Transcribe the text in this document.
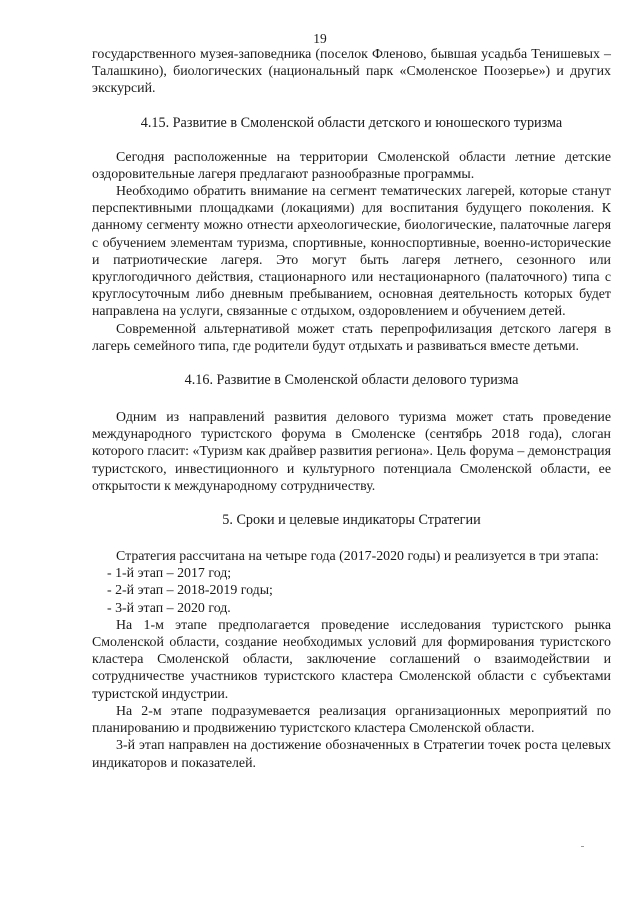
19

государственного музея-заповедника (поселок Фленово, бывшая усадьба Тенишевых – Талашкино), биологических (национальный парк «Смоленское Поозерье») и других экскурсий.

4.15. Развитие в Смоленской области детского и юношеского туризма

Сегодня расположенные на территории Смоленской области летние детские оздоровительные лагеря предлагают разнообразные программы.

Необходимо обратить внимание на сегмент тематических лагерей, которые станут перспективными площадками (локациями) для воспитания будущего поколения. К данному сегменту можно отнести археологические, биологические, палаточные лагеря с обучением элементам туризма, спортивные, конноспортивные, военно-исторические и патриотические лагеря. Это могут быть лагеря летнего, сезонного или круглогодичного действия, стационарного или нестационарного (палаточного) типа с круглосуточным либо дневным пребыванием, основная деятельность которых будет направлена на услуги, связанные с отдыхом, оздоровлением и обучением детей.

Современной альтернативой может стать перепрофилизация детского лагеря в лагерь семейного типа, где родители будут отдыхать и развиваться вместе детьми.

4.16. Развитие в Смоленской области делового туризма

Одним из направлений развития делового туризма может стать проведение международного туристского форума в Смоленске (сентябрь 2018 года), слоган которого гласит: «Туризм как драйвер развития региона». Цель форума – демонстрация туристского, инвестиционного и культурного потенциала Смоленской области, ее открытости к международному сотрудничеству.

5. Сроки и целевые индикаторы Стратегии

Стратегия рассчитана на четыре года (2017-2020 годы) и реализуется в три этапа:

- 1-й этап – 2017 год;

- 2-й этап – 2018-2019 годы;

- 3-й этап – 2020 год.

На 1-м этапе предполагается проведение исследования туристского рынка Смоленской области, создание необходимых условий для формирования туристского кластера Смоленской области, заключение соглашений о взаимодействии и сотрудничестве участников туристского кластера Смоленской области с субъектами туристской индустрии.

На 2-м этапе подразумевается реализация организационных мероприятий по планированию и продвижению туристского кластера Смоленской области.

3-й этап направлен на достижение обозначенных в Стратегии точек роста целевых индикаторов и показателей.
